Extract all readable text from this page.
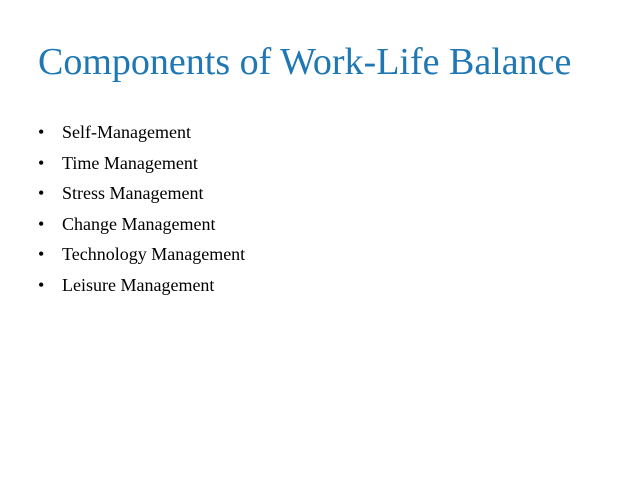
Components of Work-Life Balance
• Self-Management
• Time Management
• Stress Management
• Change Management
• Technology Management
• Leisure Management
